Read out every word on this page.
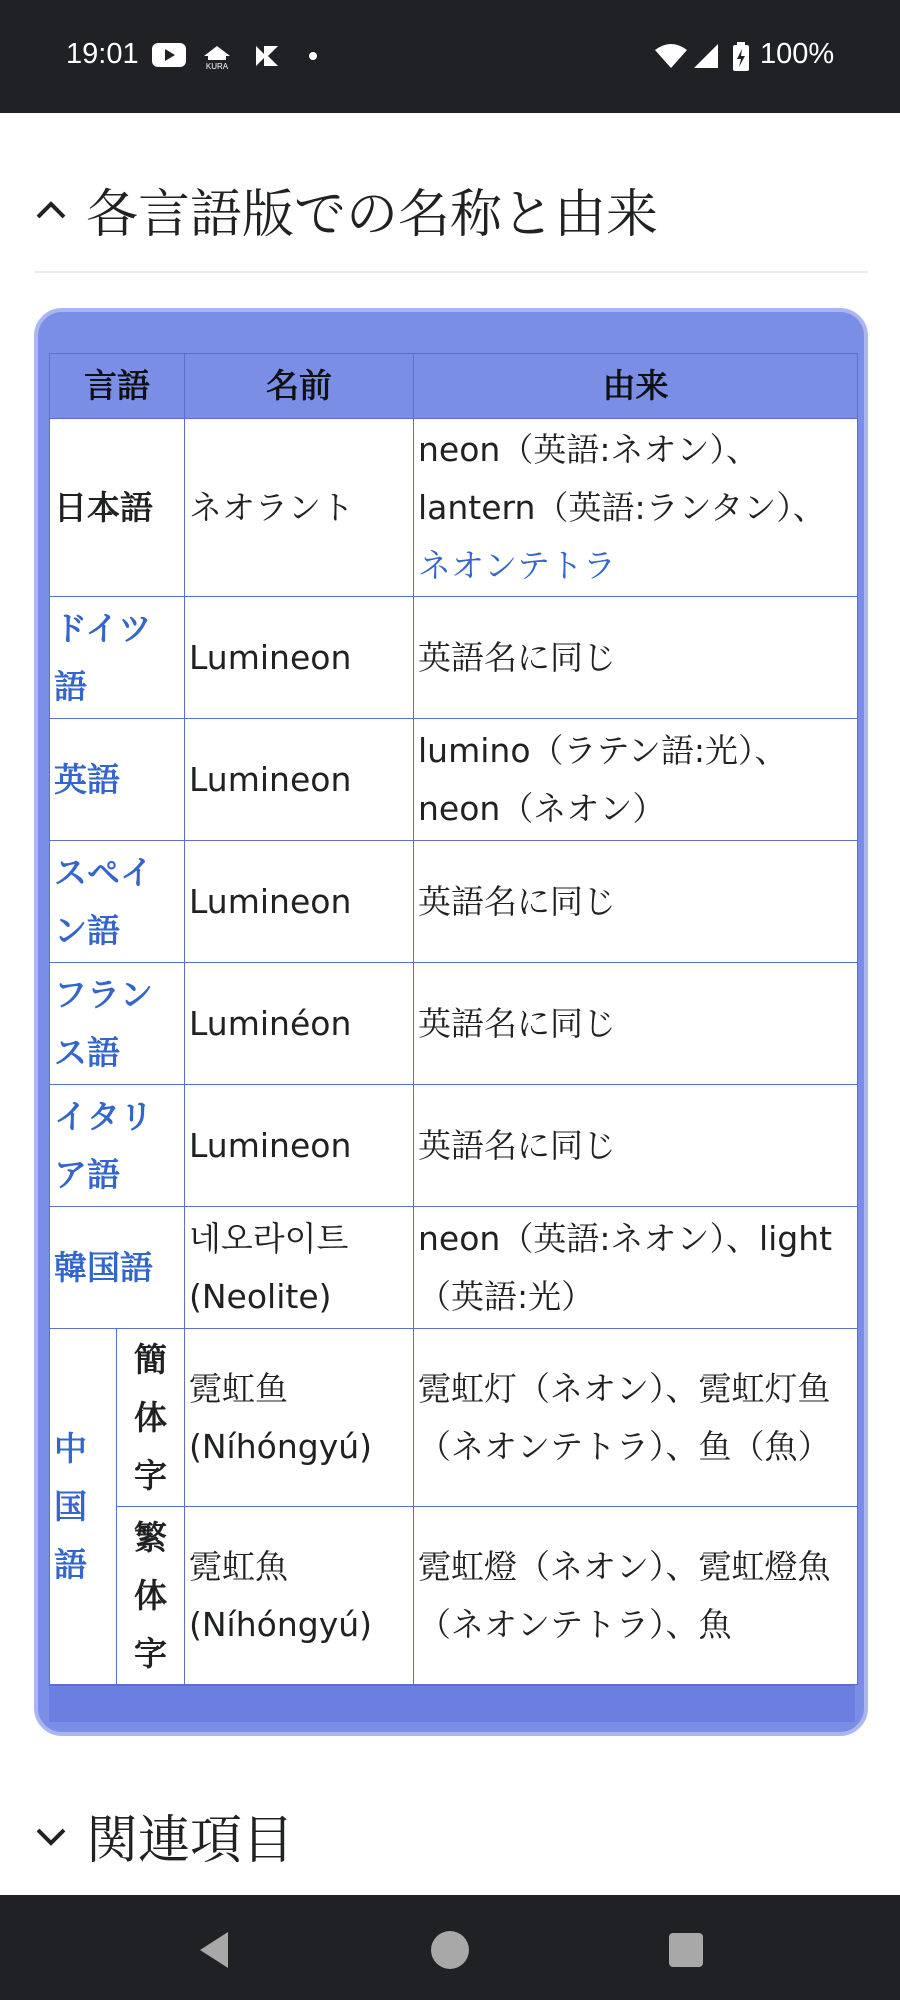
19:01	KURA	100%
各言語版での名称と由来
言語		名前	由来
日本語		ネオラント	neon（英語:ネオン）、lantern（英語:ランタン）、ネオンテトラ
ドイツ語		Lumineon	英語名に同じ
英語		Lumineon	lumino（ラテン語:光）、neon（ネオン）
スペイン語		Lumineon	英語名に同じ
フランス語		Luminéon	英語名に同じ
イタリア語		Lumineon	英語名に同じ
韓国語		네오라이트 (Neolite)	neon（英語:ネオン）、light（英語:光）
中国語	簡体字	霓虹鱼 (Níhóngyú)	霓虹灯（ネオン）、霓虹灯鱼（ネオンテトラ）、鱼（魚）
	繁体字	霓虹魚 (Níhóngyú)	霓虹燈（ネオン）、霓虹燈魚（ネオンテトラ）、魚
関連項目
